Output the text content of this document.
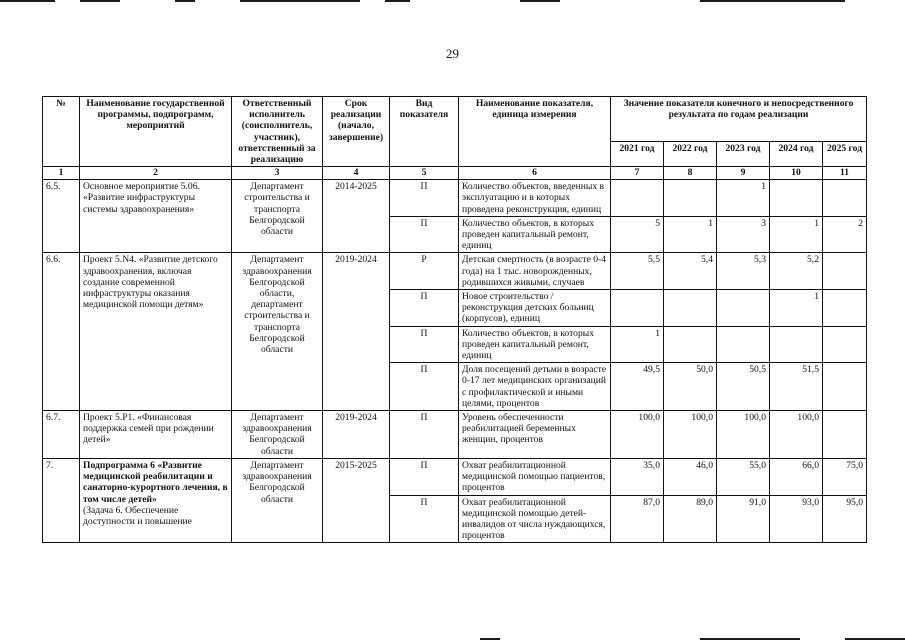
29
№	Наименование государственной программы, подпрограмм, мероприятий	Ответственный исполнитель (соисполнитель, участник), ответственный за реализацию	Срок реализации (начало, завершение)	Вид показателя	Наименование показателя, единица измерения	Значение показателя конечного и непосредственного результата по годам реализации				
						2021 год	2022 год	2023 год	2024 год	2025 год
1	2	3	4	5	6	7	8	9	10	11
6.5.	Основное мероприятие 5.06. «Развитие инфраструктуры системы здравоохранения»	Департамент строительства и транспорта Белгородской области	2014-2025	П	Количество объектов, введенных в эксплуатацию и в которых проведена реконструкция, единиц			1		
				П	Количество объектов, в которых проведен капитальный ремонт, единиц	5	1	3	1	2
6.6.	Проект 5.N4. «Развитие детского здравоохранения, включая создание современной инфраструктуры оказания медицинской помощи детям»	Департамент здравоохранения Белгородской области, департамент строительства и транспорта Белгородской области	2019-2024	Р	Детская смертность (в возрасте 0-4 года) на 1 тыс. новорожденных, родившихся живыми, случаев	5,5	5,4	5,3	5,2	
				П	Новое строительство / реконструкция детских больниц (корпусов), единиц				1	
				П	Количество объектов, в которых проведен капитальный ремонт, единиц	1				
				П	Доля посещений детьми в возрасте 0-17 лет медицинских организаций с профилактической и иными целями, процентов	49,5	50,0	50,5	51,5	
6.7.	Проект 5.Р1. «Финансовая поддержка семей при рождении детей»	Департамент здравоохранения Белгородской области	2019-2024	П	Уровень обеспеченности реабилитацией беременных женщин, процентов	100,0	100,0	100,0	100,0	
7.	Подпрограмма 6 «Развитие медицинской реабилитации и санаторно-курортного лечения, в том числе детей»
(Задача 6. Обеспечение доступности и повышение	Департамент здравоохранения Белгородской области	2015-2025	П	Охват реабилитационной медицинской помощью пациентов, процентов	35,0	46,0	55,0	66,0	75,0
				П	Охват реабилитационной медицинской помощью детей-инвалидов от числа нуждающихся, процентов	87,0	89,0	91,0	93,0	95,0
